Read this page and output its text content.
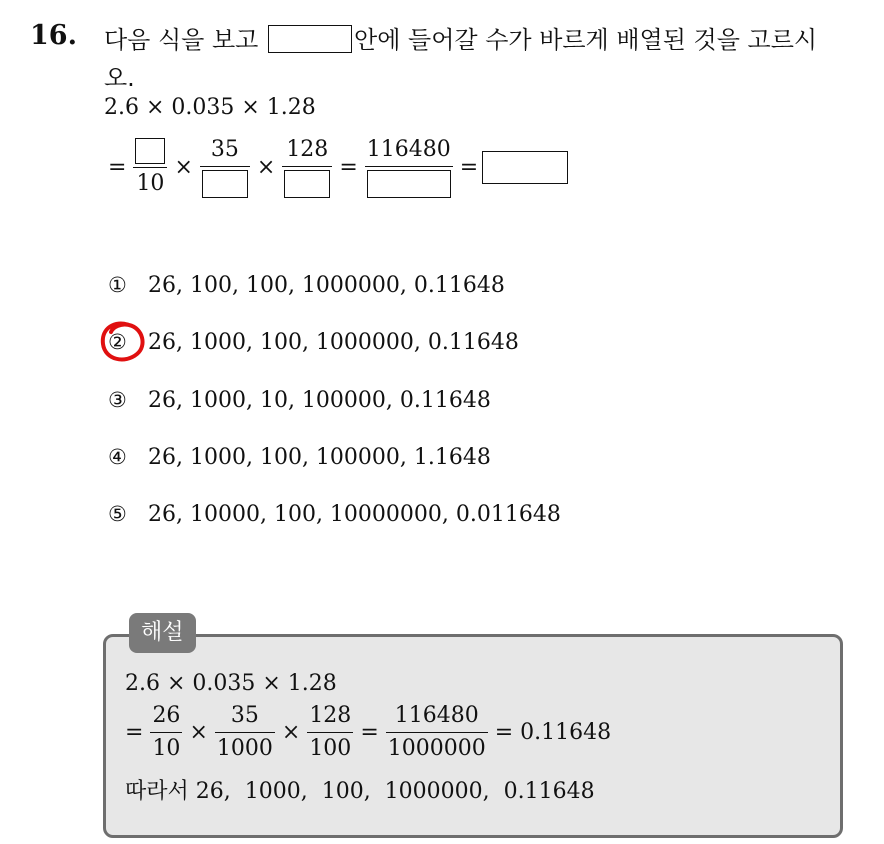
16. 다음 식을 보고	안에 들어갈 수가 바르게 배열된 것을 고르시
오.
2.6 × 0.035 × 1.28
=
10
×
35
×
128
=
116480
=
① 26, 100, 100, 1000000, 0.11648
② 26, 1000, 100, 1000000, 0.11648
③ 26, 1000, 10, 100000, 0.11648
④ 26, 1000, 100, 100000, 1.1648
⑤ 26, 10000, 100, 10000000, 0.011648
해설
2.6 × 0.035 × 1.28
= $\frac{26}{10} \times \frac{35}{1000} \times \frac{128}{100} = \frac{116480}{1000000} = 0.11648$
따라서 26,  1000,  100,  1000000,  0.11648
